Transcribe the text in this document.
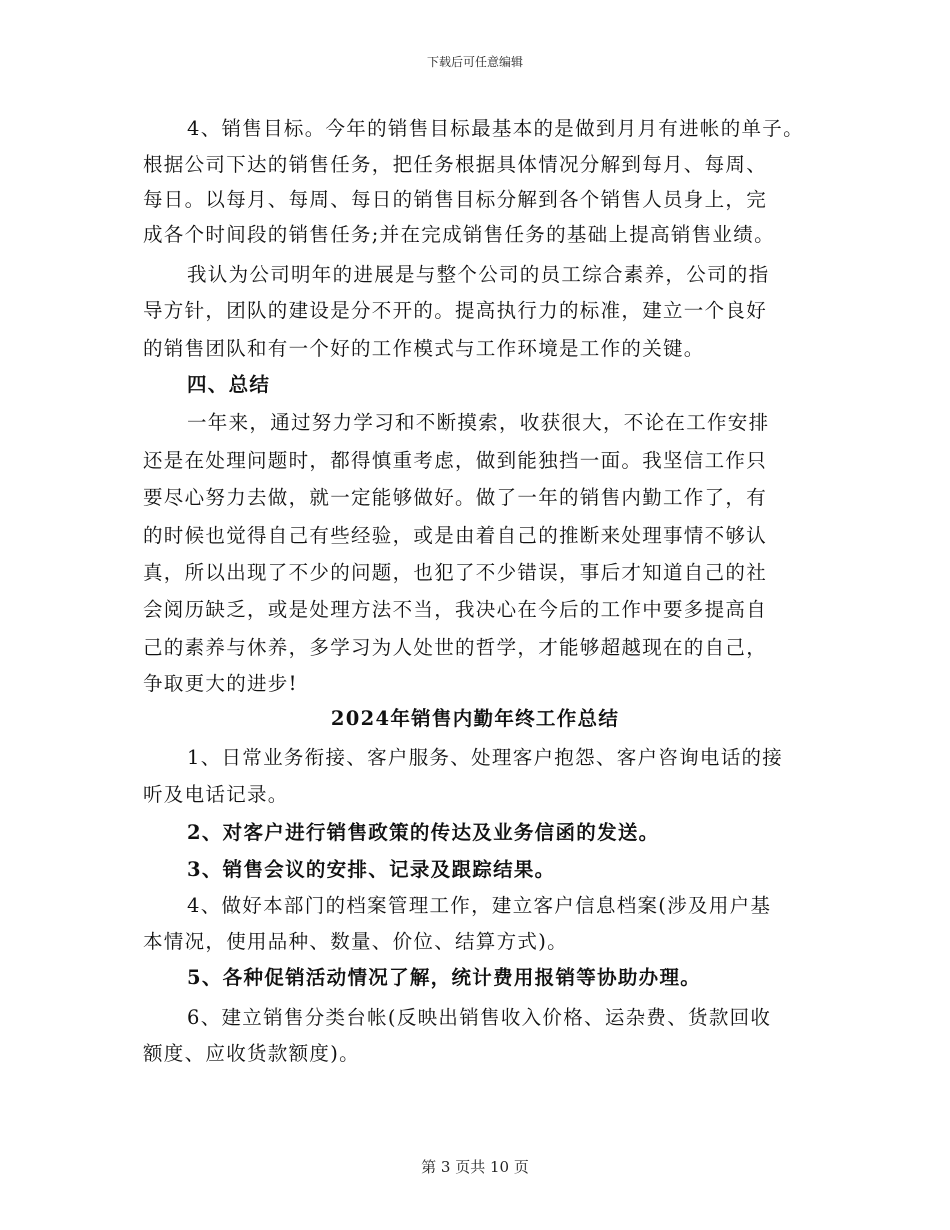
下载后可任意编辑
4、销售目标。今年的销售目标最基本的是做到月月有进帐的单子。
根据公司下达的销售任务，把任务根据具体情况分解到每月、每周、
每日。以每月、每周、每日的销售目标分解到各个销售人员身上，完
成各个时间段的销售任务;并在完成销售任务的基础上提高销售业绩。
我认为公司明年的进展是与整个公司的员工综合素养，公司的指
导方针，团队的建设是分不开的。提高执行力的标准，建立一个良好
的销售团队和有一个好的工作模式与工作环境是工作的关键。
四、总结
一年来，通过努力学习和不断摸索，收获很大，不论在工作安排
还是在处理问题时，都得慎重考虑，做到能独挡一面。我坚信工作只
要尽心努力去做，就一定能够做好。做了一年的销售内勤工作了，有
的时候也觉得自己有些经验，或是由着自己的推断来处理事情不够认
真，所以出现了不少的问题，也犯了不少错误，事后才知道自己的社
会阅历缺乏，或是处理方法不当，我决心在今后的工作中要多提高自
己的素养与休养，多学习为人处世的哲学，才能够超越现在的自己，
争取更大的进步!
2024年销售内勤年终工作总结
1、日常业务衔接、客户服务、处理客户抱怨、客户咨询电话的接
听及电话记录。
2、对客户进行销售政策的传达及业务信函的发送。
3、销售会议的安排、记录及跟踪结果。
4、做好本部门的档案管理工作，建立客户信息档案(涉及用户基
本情况，使用品种、数量、价位、结算方式)。
5、各种促销活动情况了解，统计费用报销等协助办理。
6、建立销售分类台帐(反映出销售收入价格、运杂费、货款回收
额度、应收货款额度)。
第 3 页共 10 页
